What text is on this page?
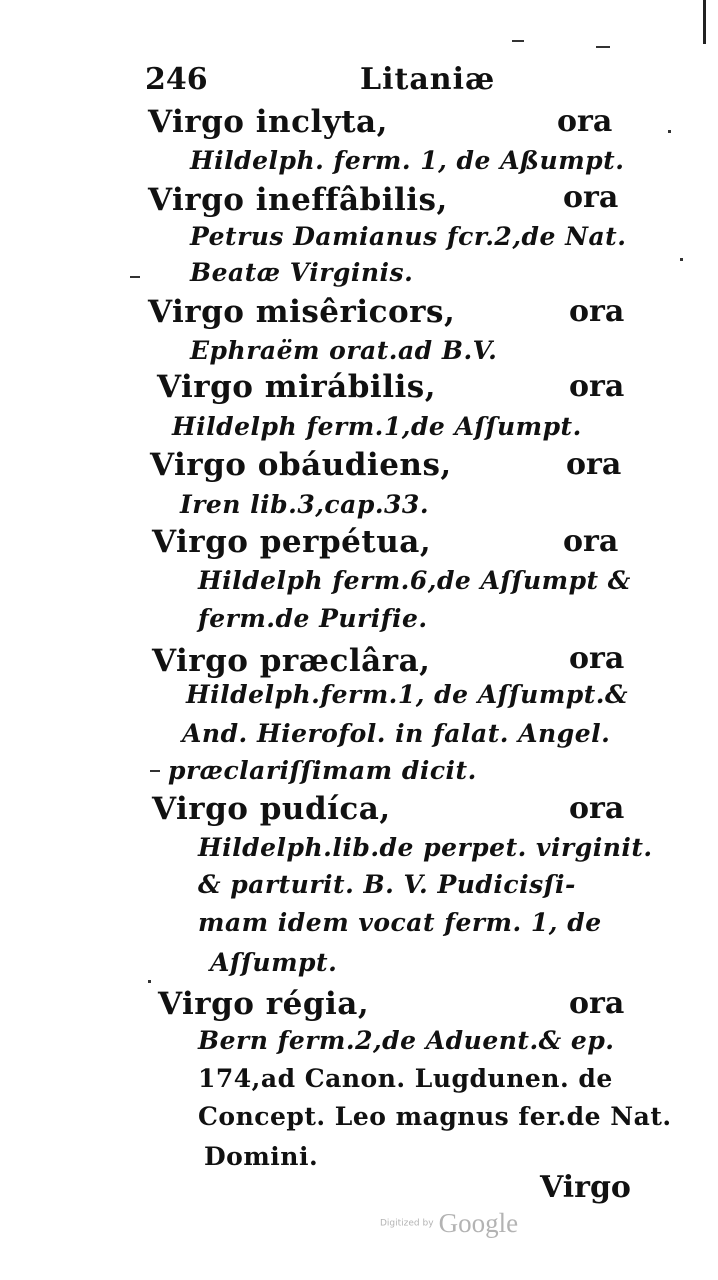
246	Litaniæ
Virgo inclyta,	ora
Hildelph. ferm. 1, de Aßumpt.
Virgo ineffâbilis,	ora
Petrus Damianus fcr.2,de Nat.
Beatæ Virginis.
Virgo misêricors,	ora
Ephraëm orat.ad B.V.
Virgo mirábilis,	ora
Hildelph ferm.1,de Aſſumpt.
Virgo obáudiens,	ora
Iren lib.3,cap.33.
Virgo perpétua,	ora
Hildelph ferm.6,de Aſſumpt &
ferm.de Purifie.
Virgo præclâra,	ora
Hildelph.ferm.1, de Aſſumpt.&
And. Hierofol. in falat. Angel.
præclariſſimam dicit.
Virgo pudíca,	ora
Hildelph.lib.de perpet. virginit.
& parturit. B. V. Pudicisſi-
mam idem vocat ferm. 1, de
Aſſumpt.
Virgo régia,	ora
Bern ferm.2,de Aduent.& ep.
174,ad Canon. Lugdunen. de
Concept. Leo magnus fer.de Nat.
Domini.
Virgo
Digitized by Google
